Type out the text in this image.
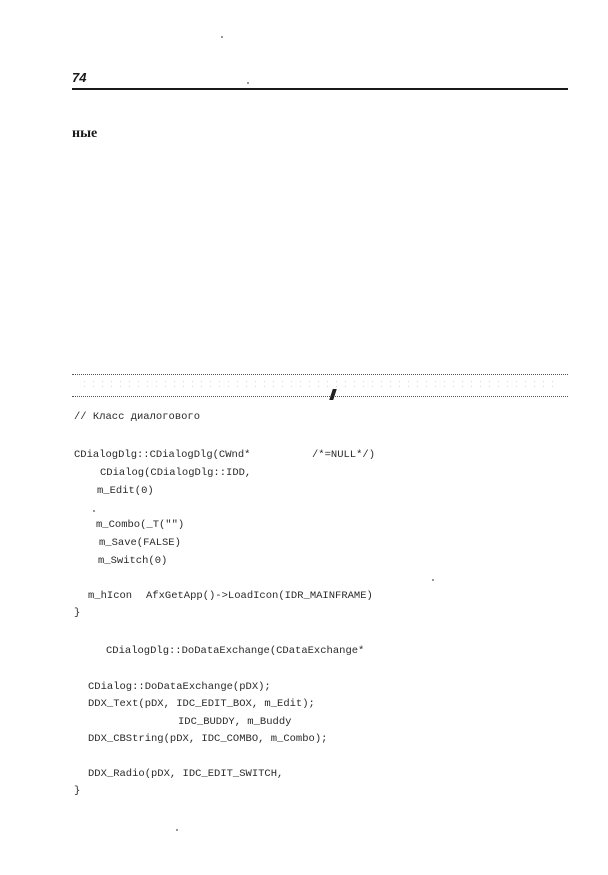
74
ные

// Класс диалогового

CDialogDlg::CDialogDlg(CWnd*

	/*=NULL*/)

CDialog(CDialogDlg::IDD,

m_Edit(0)

m_Combo(_T("")

m_Save(FALSE)

m_Switch(0)

m_hIcon

AfxGetApp()->LoadIcon(IDR_MAINFRAME)

}

CDialogDlg::DoDataExchange(CDataExchange*

CDialog::DoDataExchange(pDX);

DDX_Text(pDX, IDC_EDIT_BOX, m_Edit);

IDC_BUDDY, m_Buddy

DDX_CBString(pDX, IDC_COMBO, m_Combo);

DDX_Radio(pDX, IDC_EDIT_SWITCH,

}
